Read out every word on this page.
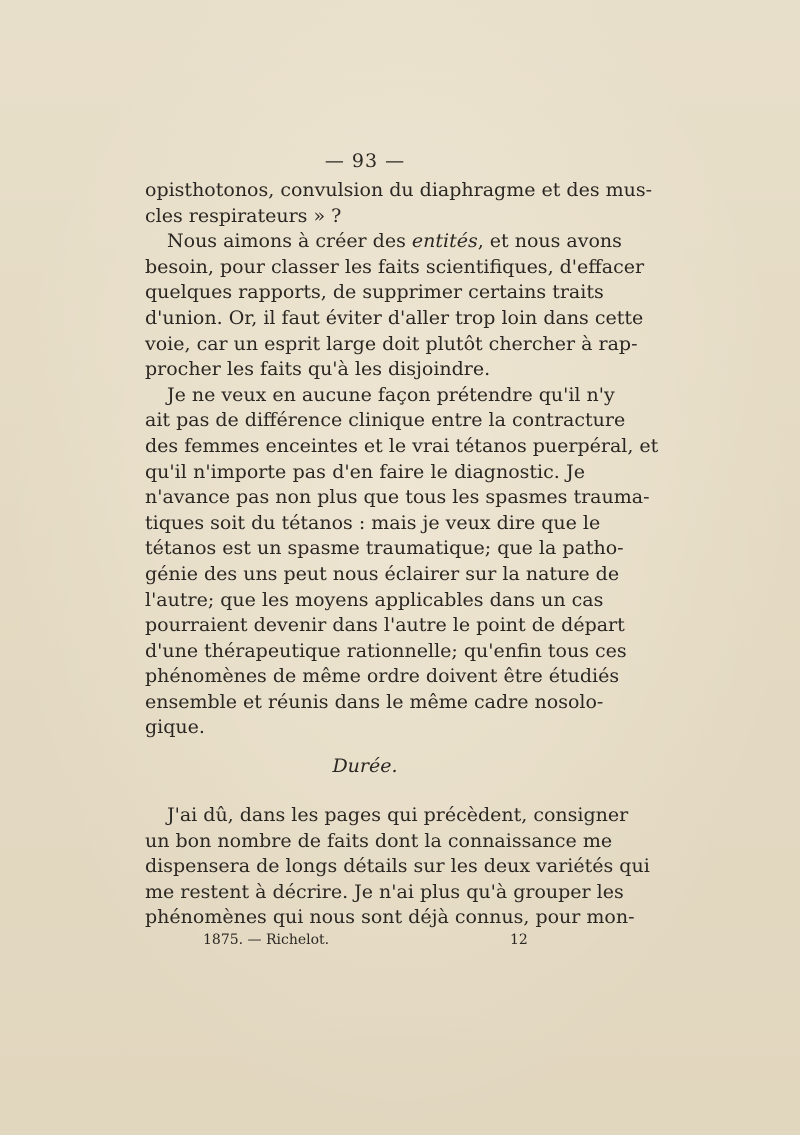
— 93 —
opisthotonos, convulsion du diaphragme et des mus-
cles respirateurs » ?
Nous aimons à créer des entités, et nous avons
besoin, pour classer les faits scientifiques, d'effacer
quelques rapports, de supprimer certains traits
d'union. Or, il faut éviter d'aller trop loin dans cette
voie, car un esprit large doit plutôt chercher à rap-
procher les faits qu'à les disjoindre.
Je ne veux en aucune façon prétendre qu'il n'y
ait pas de différence clinique entre la contracture
des femmes enceintes et le vrai tétanos puerpéral, et
qu'il n'importe pas d'en faire le diagnostic. Je
n'avance pas non plus que tous les spasmes trauma-
tiques soit du tétanos : mais je veux dire que le
tétanos est un spasme traumatique; que la patho-
génie des uns peut nous éclairer sur la nature de
l'autre; que les moyens applicables dans un cas
pourraient devenir dans l'autre le point de départ
d'une thérapeutique rationnelle; qu'enfin tous ces
phénomènes de même ordre doivent être étudiés
ensemble et réunis dans le même cadre nosolo-
gique.
Durée.
J'ai dû, dans les pages qui précèdent, consigner
un bon nombre de faits dont la connaissance me
dispensera de longs détails sur les deux variétés qui
me restent à décrire. Je n'ai plus qu'à grouper les
phénomènes qui nous sont déjà connus, pour mon-
1875. — Richelot.	12
